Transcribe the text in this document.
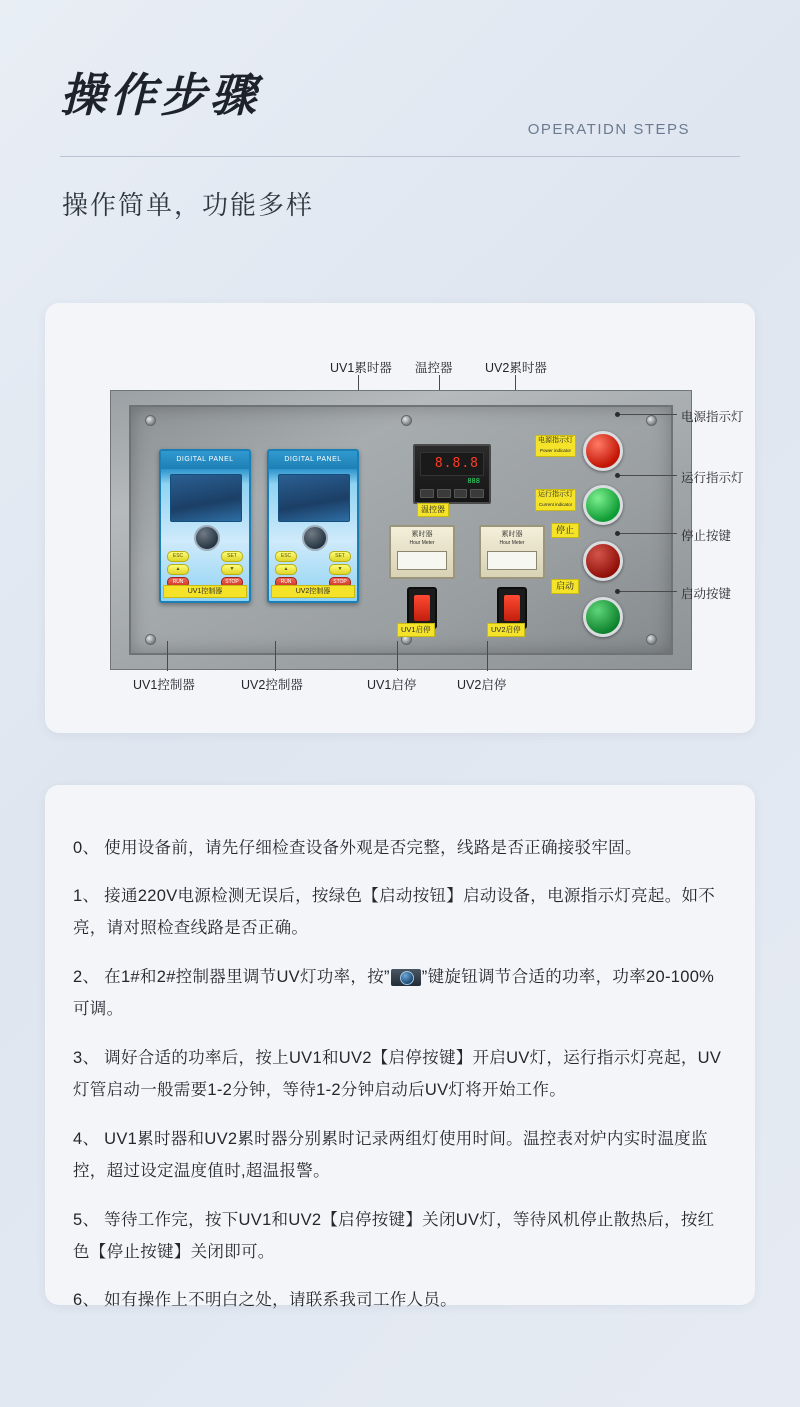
操作步骤
OPERATIDN STEPS
操作简单，功能多样
UV1累时器 温控器	UV2累时器
DIGITAL PANEL
ESC	SET
▲	▼
RUN	STOP
UV1控制器
DIGITAL PANEL
ESC	SET
▲	▼
RUN	STOP
UV2控制器
8.8.8
888
温控器
累时器
Hour Meter
累时器
Hour Meter
UV1启停	UV2启停
电源指示灯
Power indicator
运行指示灯
Current indicator
停止
启动
电源指示灯
运行指示灯
停止按键
启动按键
UV1控制器	UV2控制器	UV1启停	UV2启停

0、 使用设备前，请先仔细检查设备外观是否完整，线路是否正确接驳牢固。

1、 接通220V电源检测无误后，按绿色【启动按钮】启动设备，电源指示灯亮起。如不亮，请对照检查线路是否正确。

2、 在1#和2#控制器里调节UV灯功率，按” ”键旋钮调节合适的功率，功率20-100%可调。

3、 调好合适的功率后，按上UV1和UV2【启停按键】开启UV灯，运行指示灯亮起，UV灯管启动一般需要1-2分钟，等待1-2分钟启动后UV灯将开始工作。

4、 UV1累时器和UV2累时器分别累时记录两组灯使用时间。温控表对炉内实时温度监控，超过设定温度值时,超温报警。

5、 等待工作完，按下UV1和UV2【启停按键】关闭UV灯，等待风机停止散热后，按红色【停止按键】关闭即可。

6、 如有操作上不明白之处，请联系我司工作人员。
